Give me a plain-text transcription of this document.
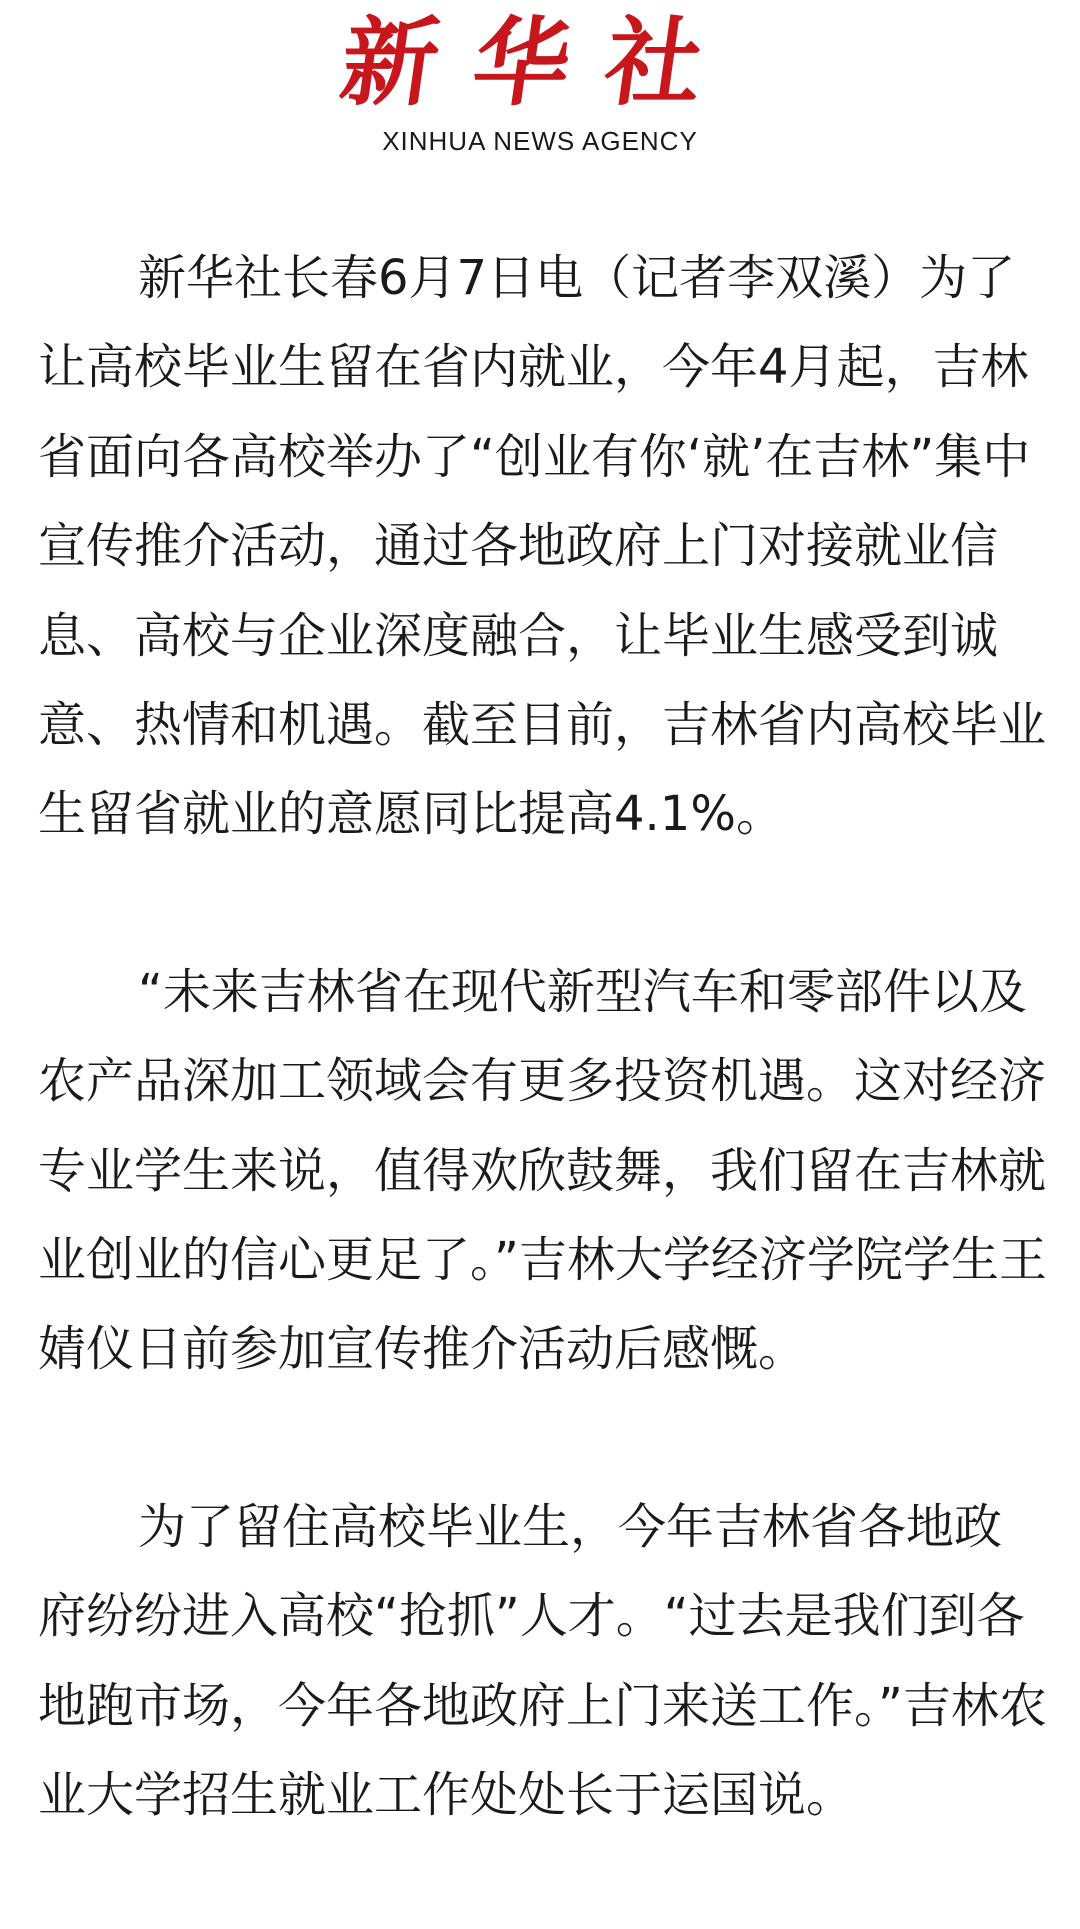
新华社
XINHUA NEWS AGENCY

新华社长春6月7日电（记者李双溪）为了让高校毕业生留在省内就业，今年4月起，吉林省面向各高校举办了“创业有你‘就’在吉林”集中宣传推介活动，通过各地政府上门对接就业信息、高校与企业深度融合，让毕业生感受到诚意、热情和机遇。截至目前，吉林省内高校毕业生留省就业的意愿同比提高4.1%。

“未来吉林省在现代新型汽车和零部件以及农产品深加工领域会有更多投资机遇。这对经济专业学生来说，值得欢欣鼓舞，我们留在吉林就业创业的信心更足了。”吉林大学经济学院学生王婧仪日前参加宣传推介活动后感慨。

为了留住高校毕业生，今年吉林省各地政府纷纷进入高校“抢抓”人才。“过去是我们到各地跑市场，今年各地政府上门来送工作。”吉林农业大学招生就业工作处处长于运国说。
